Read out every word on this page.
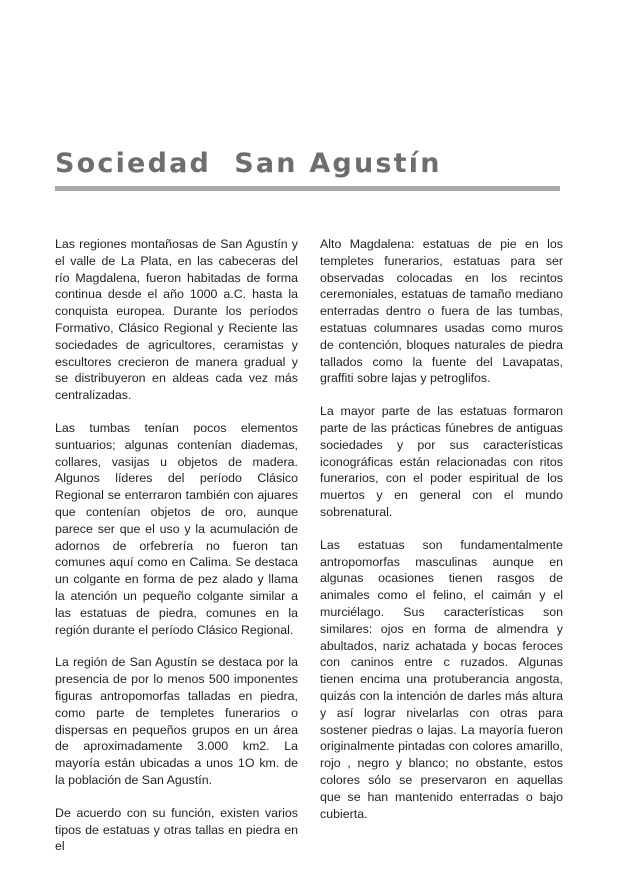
Sociedad  San Agustín

Las regiones montañosas de San Agustín y el valle de La Plata, en las cabeceras del río Magdalena, fueron habitadas de forma continua desde el año 1000 a.C. hasta la conquista europea. Durante los períodos Formativo, Clásico Regional y Reciente las sociedades de agricultores, ceramistas y escultores crecieron de manera gradual y se distribuyeron en aldeas cada vez más centralizadas.

Las tumbas tenían pocos elementos suntuarios; algunas contenían diademas, collares, vasijas u objetos de madera. Algunos líderes del período Clásico Regional se enterraron también con ajuares que contenían objetos de oro, aunque parece ser que el uso y la acumulación de adornos de orfebrería no fueron tan comunes aquí como en Calima. Se destaca un colgante en forma de pez alado y llama la atención un pequeño colgante similar a las estatuas de piedra, comunes en la región durante el período Clásico Regional.

La región de San Agustín se destaca por la presencia de por lo menos 500 imponentes figuras antropomorfas talladas en piedra, como parte de templetes funerarios o dispersas en pequeños grupos en un área de aproximadamente 3.000 km2. La mayoría están ubicadas a unos 1O km. de la población de San Agustín.

De acuerdo con su función, existen varios tipos de estatuas y otras tallas en piedra en el

Alto Magdalena: estatuas de pie en los templetes funerarios, estatuas para ser observadas colocadas en los recintos ceremoniales, estatuas de tamaño mediano enterradas dentro o fuera de las tumbas, estatuas columnares usadas como muros de contención, bloques naturales de piedra tallados como la fuente del Lavapatas, graffiti sobre lajas y petroglifos.

La mayor parte de las estatuas formaron parte de las prácticas fúnebres de antiguas sociedades y por sus características iconográficas están relacionadas con ritos funerarios, con el poder espiritual de los muertos y en general con el mundo sobrenatural.

Las estatuas son fundamentalmente antropomorfas masculinas aunque en algunas ocasiones tienen rasgos de animales como el felino, el caimán y el murciélago. Sus características son similares: ojos en forma de almendra y abultados, nariz achatada y bocas feroces con caninos entre c ruzados. Algunas tienen encima una protuberancia angosta, quizás con la intención de darles más altura y así lograr nivelarlas con otras para sostener piedras o lajas. La mayoría fueron originalmente pintadas con colores amarillo, rojo , negro y blanco; no obstante, estos colores sólo se preservaron en aquellas que se han mantenido enterradas o bajo cubierta.
